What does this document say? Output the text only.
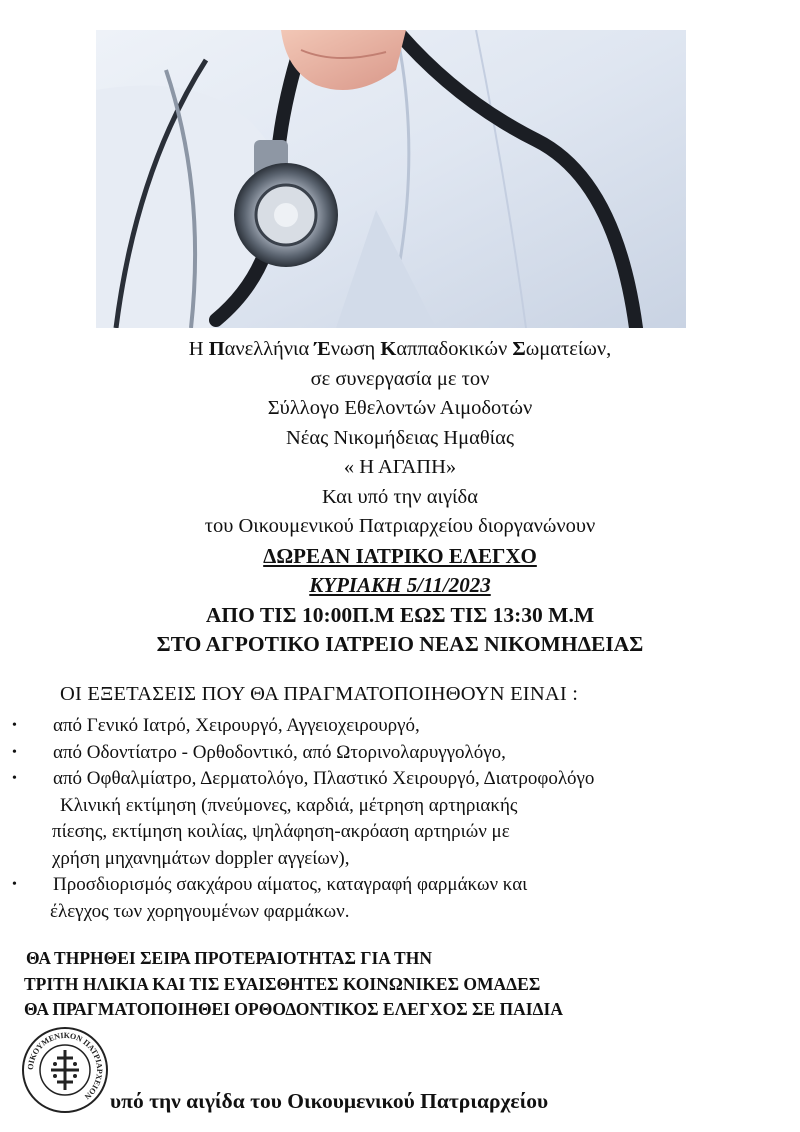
Η Πανελλήνια Ένωση Καππαδοκικών Σωματείων,
σε συνεργασία με τον
Σύλλογο Εθελοντών Αιμοδοτών
Νέας Νικομήδειας Ημαθίας
« Η ΑΓΑΠΗ»
Και υπό την αιγίδα
του Οικουμενικού Πατριαρχείου διοργανώνουν
ΔΩΡΕΑΝ ΙΑΤΡΙΚΟ ΕΛΕΓΧΟ
ΚΥΡΙΑΚΗ 5/11/2023
ΑΠΟ ΤΙΣ 10:00Π.Μ ΕΩΣ ΤΙΣ 13:30 Μ.Μ
ΣΤΟ ΑΓΡΟΤΙΚΟ ΙΑΤΡΕΙΟ ΝΕΑΣ ΝΙΚΟΜΗΔΕΙΑΣ
ΟΙ ΕΞΕΤΑΣΕΙΣ ΠΟΥ ΘΑ ΠΡΑΓΜΑΤΟΠΟΙΗΘΟΥΝ ΕΙΝΑΙ :
• από Γενικό Ιατρό, Χειρουργό, Αγγειοχειρουργό,
• από Οδοντίατρο - Ορθοδοντικό, από Ωτορινολαρυγγολόγο,
• από Οφθαλμίατρο, Δερματολόγο, Πλαστικό Χειρουργό, Διατροφολόγο
Κλινική εκτίμηση (πνεύμονες, καρδιά, μέτρηση αρτηριακής
πίεσης, εκτίμηση κοιλίας, ψηλάφηση-ακρόαση αρτηριών με
χρήση μηχανημάτων doppler αγγείων),
• Προσδιορισμός σακχάρου αίματος, καταγραφή φαρμάκων και
έλεγχος των χορηγουμένων φαρμάκων.
ΘΑ ΤΗΡΗΘΕΙ ΣΕΙΡΑ ΠΡΟΤΕΡΑΙΟΤΗΤΑΣ ΓΙΑ ΤΗΝ
ΤΡΙΤΗ ΗΛΙΚΙΑ ΚΑΙ ΤΙΣ ΕΥΑΙΣΘΗΤΕΣ ΚΟΙΝΩΝΙΚΕΣ ΟΜΑΔΕΣ
ΘΑ ΠΡΑΓΜΑΤΟΠΟΙΗΘΕΙ ΟΡΘΟΔΟΝΤΙΚΟΣ ΕΛΕΓΧΟΣ ΣΕ ΠΑΙΔΙΑ
ΟΙΚΟΥΜΕΝΙΚΟΝ ΠΑΤΡΙΑΡΧΕΙΟΝ υπό την αιγίδα του Οικουμενικού Πατριαρχείου
